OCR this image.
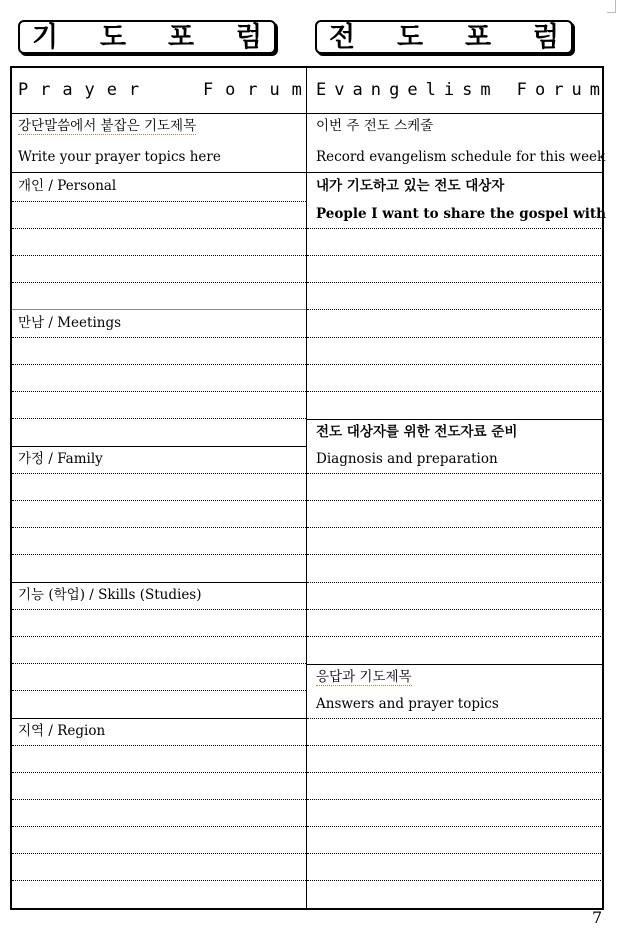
기 도 포 럼 전 도 포 럼
P r a y e r	F o r u m E v a n g e l i s m F o r u m
강단말씀에서 붙잡은 기도제목
Write your prayer topics here
이번 주 전도 스케줄
Record evangelism schedule for this week
개인 / Personal
만남 / Meetings
가정 / Family
기능 (학업) / Skills (Studies)
지역 / Region
내가 기도하고 있는 전도 대상자
People I want to share the gospel with
전도 대상자를 위한 전도자료 준비
Diagnosis and preparation
응답과 기도제목
Answers and prayer topics
7
